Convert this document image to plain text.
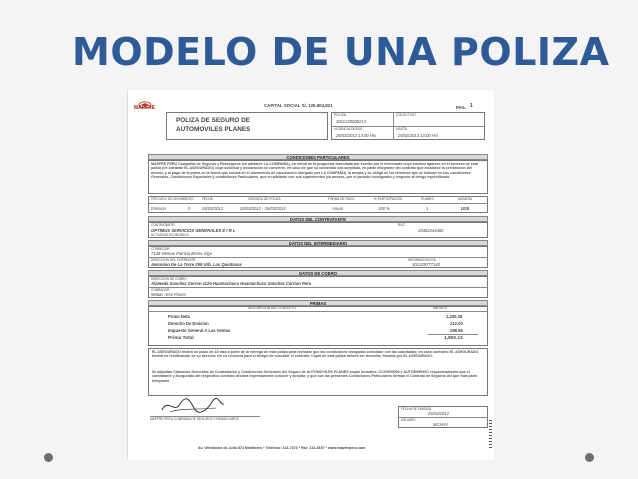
MODELO DE UNA POLIZA
MAPFRE	CAPITAL SOCIAL S/. 125,904,821	PAG. 1
POLIZA DE SEGURO DE
AUTOMOVILES PLANES
POLIZA
3011220000213
COLECTIVO
VIGENCIA DESDE
26/03/2012 13:00 Hrs
HASTA
26/03/2013 13:00 Hrs
CONDICIONES PARTICULARES
MAPFRE PERU Compañía de Seguros y Reaseguros (en adelante LA COMPAÑIA), en virtud de la propuesta formulada por escrito por el interesado cuyo nombre aparece en el anverso de esta póliza (en adelante EL ASEGURADO) cuya solicitud y declaración se convierte, en caso de que su contenido sea aceptado, en parte integrante del contrato que establece la celebración del mismo; y al pago de la prima en la forma que consta en el documento de cancelación otorgado por LA COMPAÑIA, la acepta y se obliga en los términos que se indican en sus condiciones Generales, Condiciones Especiales y condiciones Particulares, que en adelante con sus suplementos y/o anexos, por el periodo consignado y respecto al riesgo especificado.
TIPO MOV. DE MOVIMIENTO	FECHA	VIGENCIA DE POLIZA	FORMA DE PAGO	% PARTICIPACIÓN	PLANES	MONEDA
Emision	0	26/03/2012	26/03/2012 - 26/03/2013	Anual	100 %	1	US$
DATOS DEL CONTRATANTE
CONTRATANTE
OPTIMUS SERVICIOS GENERALES E I R L
RUC
20482244482
ACTIVIDAD ECONOMICA
DATOS DEL INTERMEDIARIO
CORREDOR
7148-Stenue Patricia Brena Vigo
DIRECCION DEL CORREDOR
Jeronimo De La Torre 259 Urb. Las Quintanas
INFORMACION DE
301209777140
DATOS DE COBRO
DIRECCION DE COBRO
Alameda Sanchez Cerron 1124 Huamachuco Huamachuco Sanchez Carrion Peru
COBRADOR
Matias Arce Flores
PRIMAS
DESCRIPCION DEL CONCEPTO	IMPORTE
Prima Neta	1,200.28
Derecho De Emision	212.00
Impuesto General A Las Ventas	288.65
Prima Total	1,900.13
EL ASEGURADO tendrá un plazo de 15 días a partir de la entrega de esta póliza para rechazar que las condiciones otorgadas coincidan con las solicitadas; en caso contrario EL ASEGURADO tendrá en rectificación de su derecho sin su renuncia para el tiempo de suscribir el contrato. Copia de esta póliza deberá ser devuelta, firmada por EL ASEGURADO.
Se adjuntan Cláusulas Generales de Contratación y Condiciones Generales del Seguro de AUTOMOVILES PLANES según formatos: CCGSH0093 y AUTGE5969SC respectivamente que el contratante y Asegurado del respectivo contrato declara expresamente conocer y aceptar, y que con las presentes Condiciones Particulares forman el Contrato de Seguros del que ésta parte integrante.
MAPFRE PERU COMPAÑIA DE SEGUROS Y REASEGUROS
FECHA DE EMISION
26/03/2012
USUARIO
MCHAV
Av. Veintiocho de Julio 873 Miraflores * Teléfono: 213-7373 * Fax: 213-9197 * www.mapfreperu.com
